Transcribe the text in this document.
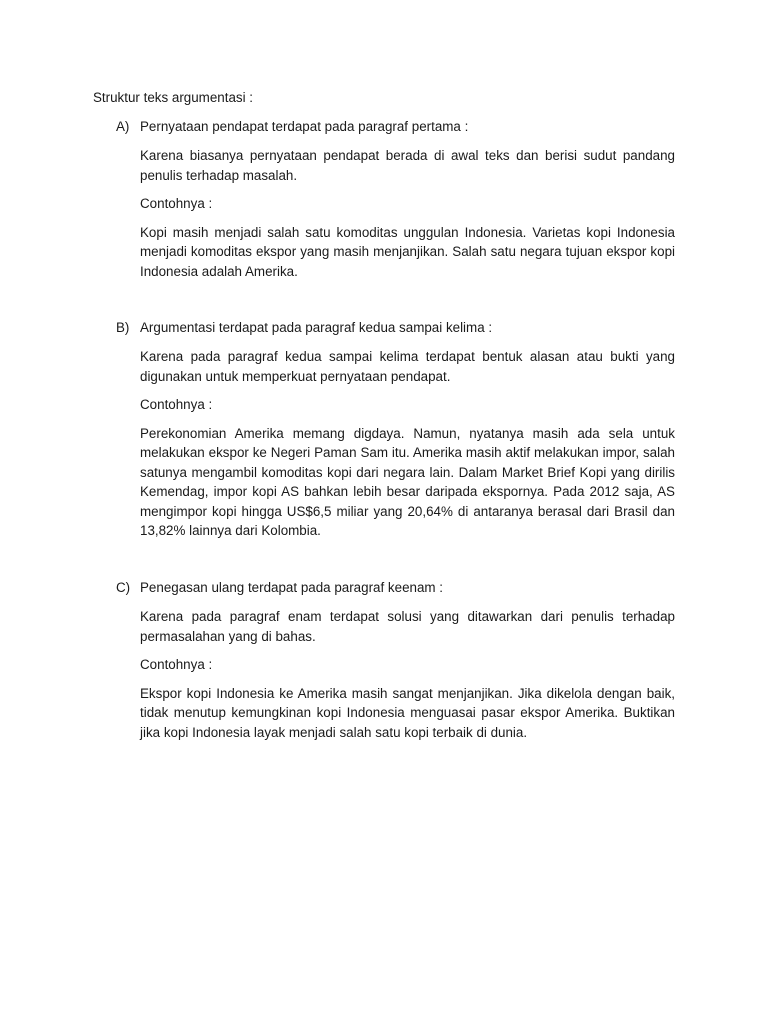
Struktur teks argumentasi :
A) Pernyataan pendapat terdapat pada paragraf pertama :
Karena biasanya pernyataan pendapat berada di awal teks dan berisi sudut pandang penulis terhadap masalah.
Contohnya :
Kopi masih menjadi salah satu komoditas unggulan Indonesia. Varietas kopi Indonesia menjadi komoditas ekspor yang masih menjanjikan. Salah satu negara tujuan ekspor kopi Indonesia adalah Amerika.
B) Argumentasi terdapat pada paragraf kedua sampai kelima :
Karena pada paragraf kedua sampai kelima terdapat bentuk alasan atau bukti yang digunakan untuk memperkuat pernyataan pendapat.
Contohnya :
Perekonomian Amerika memang digdaya. Namun, nyatanya masih ada sela untuk melakukan ekspor ke Negeri Paman Sam itu. Amerika masih aktif melakukan impor, salah satunya mengambil komoditas kopi dari negara lain. Dalam Market Brief Kopi yang dirilis Kemendag, impor kopi AS bahkan lebih besar daripada ekspornya. Pada 2012 saja, AS mengimpor kopi hingga US$6,5 miliar yang 20,64% di antaranya berasal dari Brasil dan 13,82% lainnya dari Kolombia.
C) Penegasan ulang terdapat pada paragraf keenam :
Karena pada paragraf enam terdapat solusi yang ditawarkan dari penulis terhadap permasalahan yang di bahas.
Contohnya :
Ekspor kopi Indonesia ke Amerika masih sangat menjanjikan. Jika dikelola dengan baik, tidak menutup kemungkinan kopi Indonesia menguasai pasar ekspor Amerika. Buktikan jika kopi Indonesia layak menjadi salah satu kopi terbaik di dunia.
